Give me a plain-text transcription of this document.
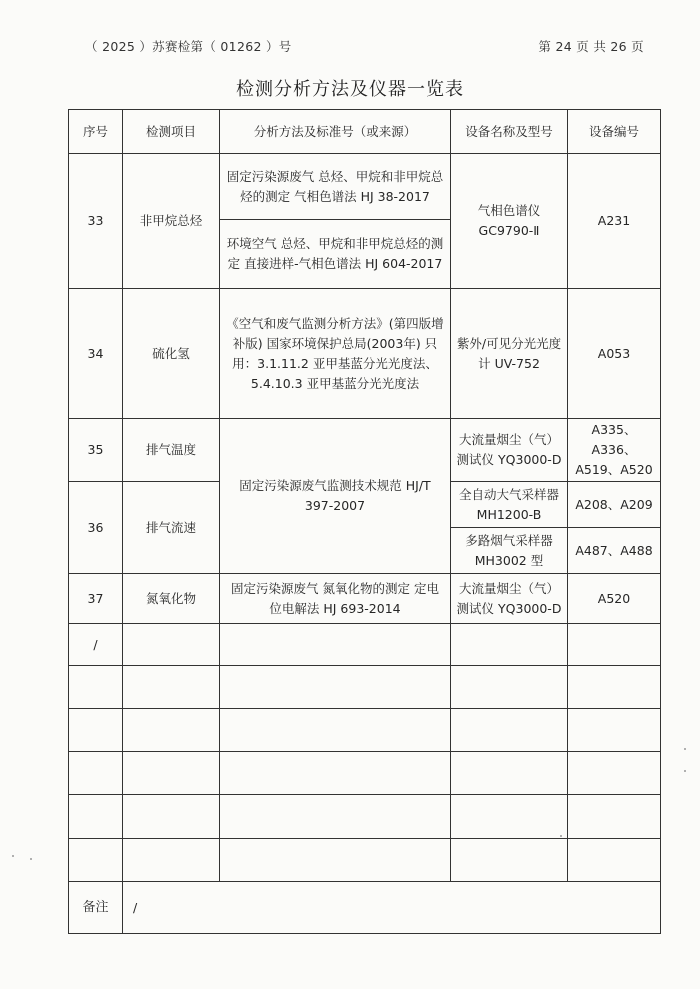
（ 2025 ）苏赛检第（ 01262 ）号	第 24 页 共 26 页
检测分析方法及仪器一览表
序号	检测项目	分析方法及标准号（或来源）	设备名称及型号	设备编号
33	非甲烷总烃	固定污染源废气 总烃、甲烷和非甲烷总烃的测定 气相色谱法 HJ 38-2017	气相色谱仪 GC9790-Ⅱ	A231
		环境空气 总烃、甲烷和非甲烷总烃的测定 直接进样-气相色谱法 HJ 604-2017		
34	硫化氢	《空气和废气监测分析方法》(第四版增补版) 国家环境保护总局(2003年) 只用：3.1.11.2 亚甲基蓝分光光度法、5.4.10.3 亚甲基蓝分光光度法	紫外/可见分光光度计 UV-752	A053
35	排气温度	固定污染源废气监测技术规范 HJ/T 397-2007	大流量烟尘（气）测试仪 YQ3000-D	A335、A336、A519、A520
36	排气流速		全自动大气采样器 MH1200-B	A208、A209
			多路烟气采样器 MH3002 型	A487、A488
37	氮氧化物	固定污染源废气 氮氧化物的测定 定电位电解法 HJ 693-2014	大流量烟尘（气）测试仪 YQ3000-D	A520
/				

备注	/			
